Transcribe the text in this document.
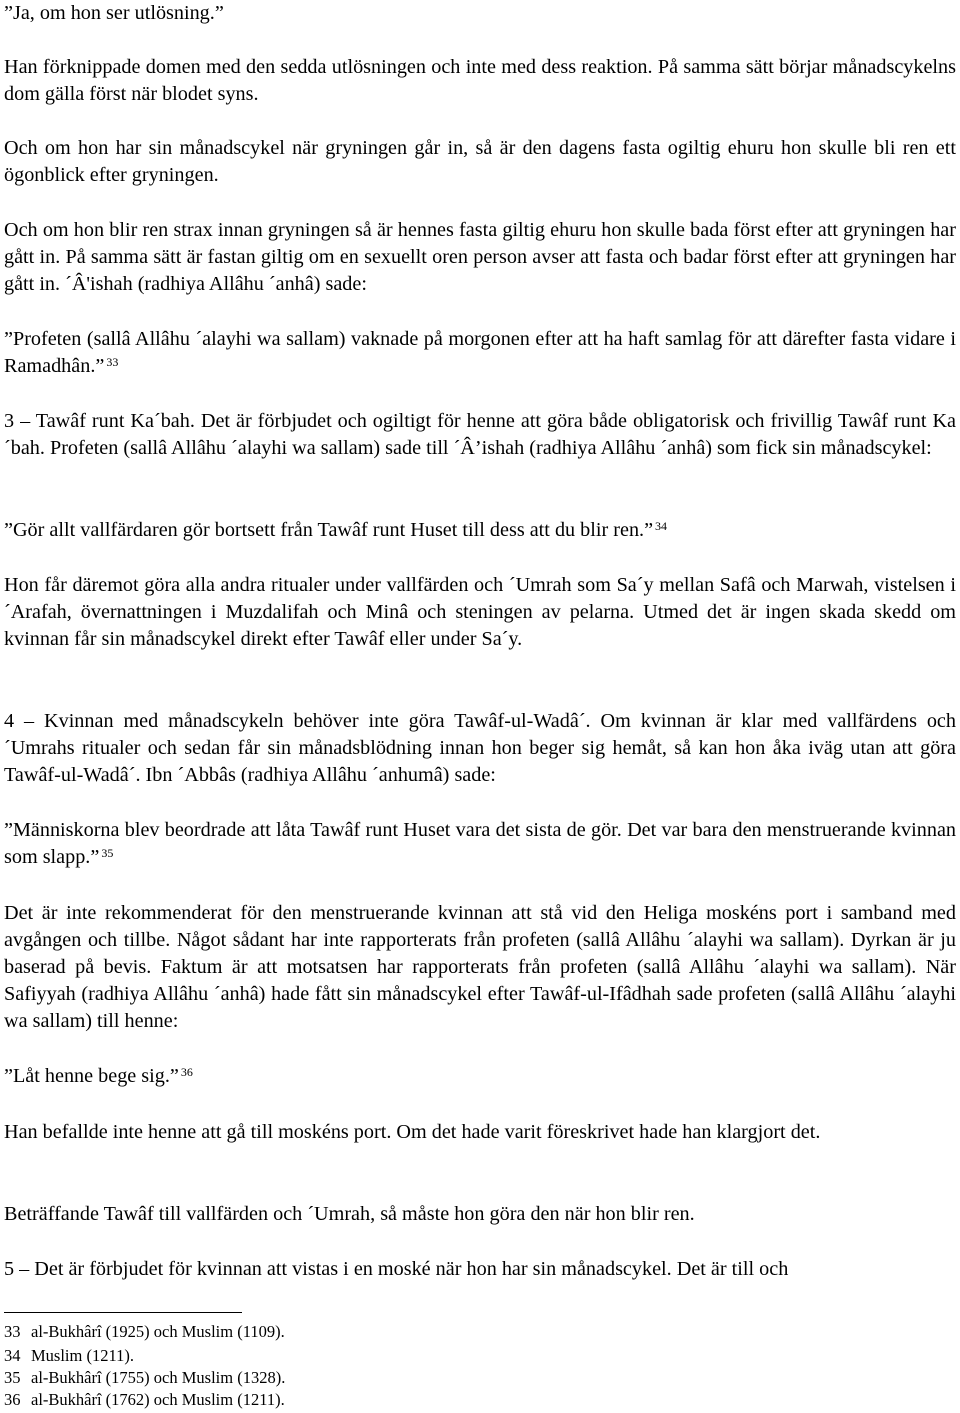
”Ja, om hon ser utlösning.”

Han förknippade domen med den sedda utlösningen och inte med dess reaktion. På samma sätt börjar månadscykelns dom gälla först när blodet syns.

Och om hon har sin månadscykel när gryningen går in, så är den dagens fasta ogiltig ehuru hon skulle bli ren ett ögonblick efter gryningen.

Och om hon blir ren strax innan gryningen så är hennes fasta giltig ehuru hon skulle bada först efter att gryningen har gått in. På samma sätt är fastan giltig om en sexuellt oren person avser att fasta och badar först efter att gryningen har gått in. ´Â'ishah (radhiya Allâhu ´anhâ) sade:

”Profeten (sallâ Allâhu ´alayhi wa sallam) vaknade på morgonen efter att ha haft samlag för att därefter fasta vidare i Ramadhân.” $^{33}$

3 – Tawâf runt Ka´bah. Det är förbjudet och ogiltigt för henne att göra både obligatorisk och frivillig Tawâf runt Ka´bah. Profeten (sallâ Allâhu ´alayhi wa sallam) sade till ´Â’ishah (radhiya Allâhu ´anhâ) som fick sin månadscykel:

”Gör allt vallfärdaren gör bortsett från Tawâf runt Huset till dess att du blir ren.” $^{34}$

Hon får däremot göra alla andra ritualer under vallfärden och ´Umrah som Sa´y mellan Safâ och Marwah, vistelsen i ´Arafah, övernattningen i Muzdalifah och Minâ och steningen av pelarna. Utmed det är ingen skada skedd om kvinnan får sin månadscykel direkt efter Tawâf eller under Sa´y.

4 – Kvinnan med månadscykeln behöver inte göra Tawâf-ul-Wadâ´. Om kvinnan är klar med vallfärdens och ´Umrahs ritualer och sedan får sin månadsblödning innan hon beger sig hemåt, så kan hon åka iväg utan att göra Tawâf-ul-Wadâ´. Ibn ´Abbâs (radhiya Allâhu ´anhumâ) sade:

”Människorna blev beordrade att låta Tawâf runt Huset vara det sista de gör. Det var bara den menstruerande kvinnan som slapp.” $^{35}$

Det är inte rekommenderat för den menstruerande kvinnan att stå vid den Heliga moskéns port i samband med avgången och tillbe. Något sådant har inte rapporterats från profeten (sallâ Allâhu ´alayhi wa sallam). Dyrkan är ju baserad på bevis. Faktum är att motsatsen har rapporterats från profeten (sallâ Allâhu ´alayhi wa sallam). När Safiyyah (radhiya Allâhu ´anhâ) hade fått sin månadscykel efter Tawâf-ul-Ifâdhah sade profeten (sallâ Allâhu ´alayhi wa sallam) till henne:

”Låt henne bege sig.” $^{36}$

Han befallde inte henne att gå till moskéns port. Om det hade varit föreskrivet hade han klargjort det.

Beträffande Tawâf till vallfärden och ´Umrah, så måste hon göra den när hon blir ren.

5 – Det är förbjudet för kvinnan att vistas i en moské när hon har sin månadscykel. Det är till och

33 al-Bukhârî (1925) och Muslim (1109).
34 Muslim (1211).
35 al-Bukhârî (1755) och Muslim (1328).
36 al-Bukhârî (1762) och Muslim (1211).
